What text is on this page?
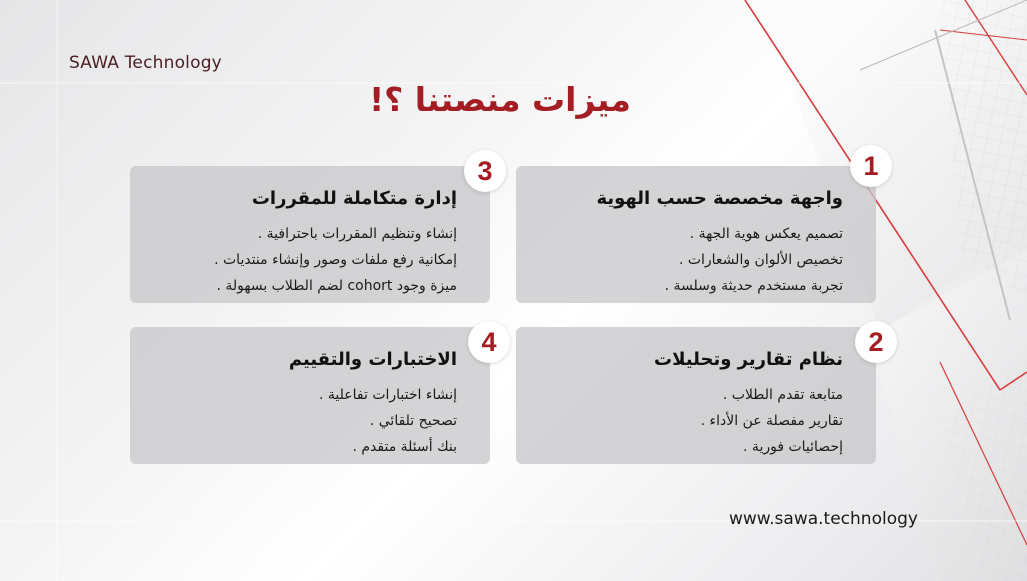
SAWA Technology
ميزات منصتنا ؟!
واجهة مخصصة حسب الهوية
تصميم يعكس هوية الجهة .
تخصيص الألوان والشعارات .
تجربة مستخدم حديثة وسلسة .
1
إدارة متكاملة للمقررات
إنشاء وتنظيم المقررات باحترافية .
إمكانية رفع ملفات وصور وإنشاء منتديات .
ميزة وجود cohort لضم الطلاب بسهولة .
3
نظام تقارير وتحليلات
متابعة تقدم الطلاب .
تقارير مفصلة عن الأداء .
إحصائيات فورية .
2
الاختبارات والتقييم
إنشاء اختبارات تفاعلية .
تصحيح تلقائي .
بنك أسئلة متقدم .
4
www.sawa.technology
